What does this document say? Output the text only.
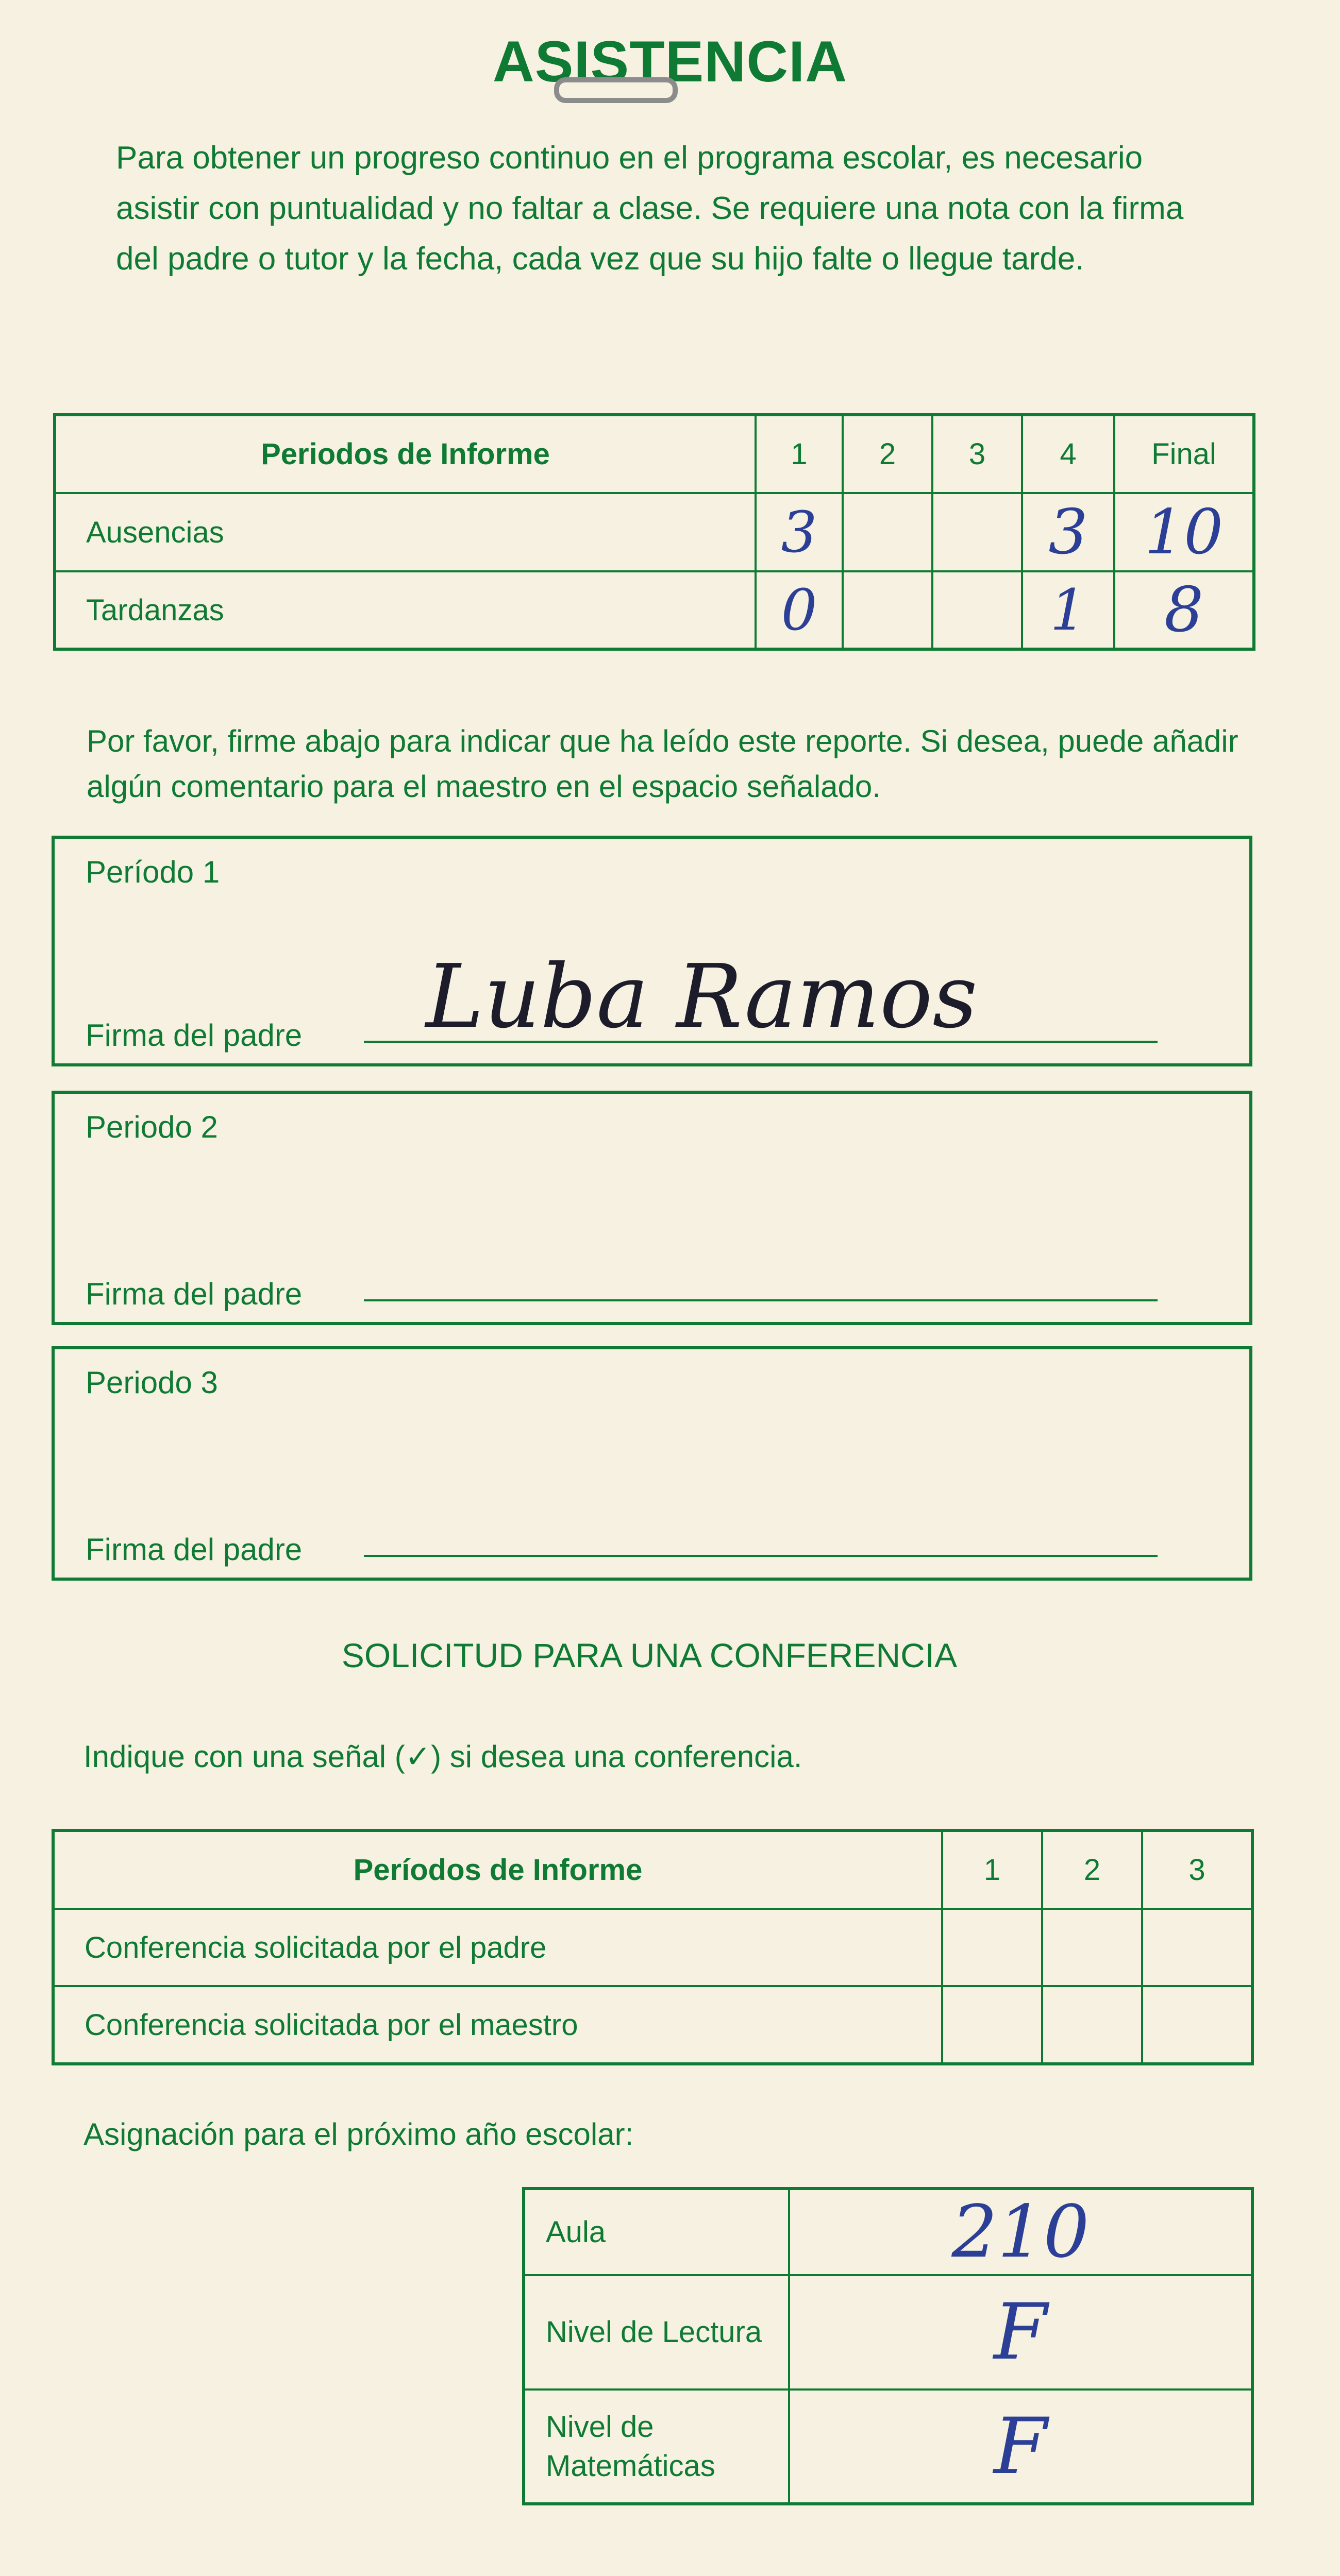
ASISTENCIA
Para obtener un progreso continuo en el programa escolar, es necesario asistir con puntualidad y no faltar a clase. Se requiere una nota con la firma del padre o tutor y la fecha, cada vez que su hijo falte o llegue tarde.
Periodos de Informe	1	2	3	4	Final
Ausencias	3			3	10
Tardanzas	0			1	8
Por favor, firme abajo para indicar que ha leído este reporte. Si desea, puede añadir algún comentario para el maestro en el espacio señalado.
Período 1
Firma del padre Luba Ramos
Periodo 2
Firma del padre
Periodo 3
Firma del padre
SOLICITUD PARA UNA CONFERENCIA
Indique con una señal (✓) si desea una conferencia.
Períodos de Informe	1	2	3
Conferencia solicitada por el padre			
Conferencia solicitada por el maestro			
Asignación para el próximo año escolar:
Aula	210
Nivel de Lectura	F
Nivel de Matemáticas	F
